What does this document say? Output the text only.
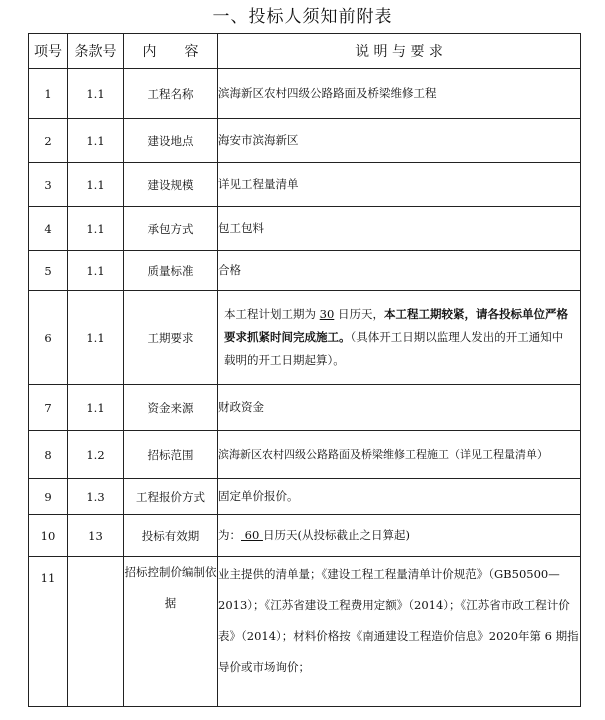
一、投标人须知前附表
项号	条款号	内　　容	说 明 与 要 求
1	1.1	工程名称	滨海新区农村四级公路路面及桥梁维修工程
2	1.1	建设地点	海安市滨海新区
3	1.1	建设规模	详见工程量清单
4	1.1	承包方式	包工包料
5	1.1	质量标准	合格
6	1.1	工期要求	本工程计划工期为 30 日历天，本工程工期较紧，请各投标单位严格要求抓紧时间完成施工。（具体开工日期以监理人发出的开工通知中载明的开工日期起算）。
7	1.1	资金来源	财政资金
8	1.2	招标范围	滨海新区农村四级公路路面及桥梁维修工程施工（详见工程量清单）
9	1.3	工程报价方式	固定单价报价。
10	13	投标有效期	为： 60 日历天(从投标截止之日算起)
11		招标控制价编制依据	业主提供的清单量；《建设工程工程量清单计价规范》（GB50500—2013）；《江苏省建设工程费用定额》（2014）；《江苏省市政工程计价表》（2014）；材料价格按《南通建设工程造价信息》2020年第 6 期指导价或市场询价；
